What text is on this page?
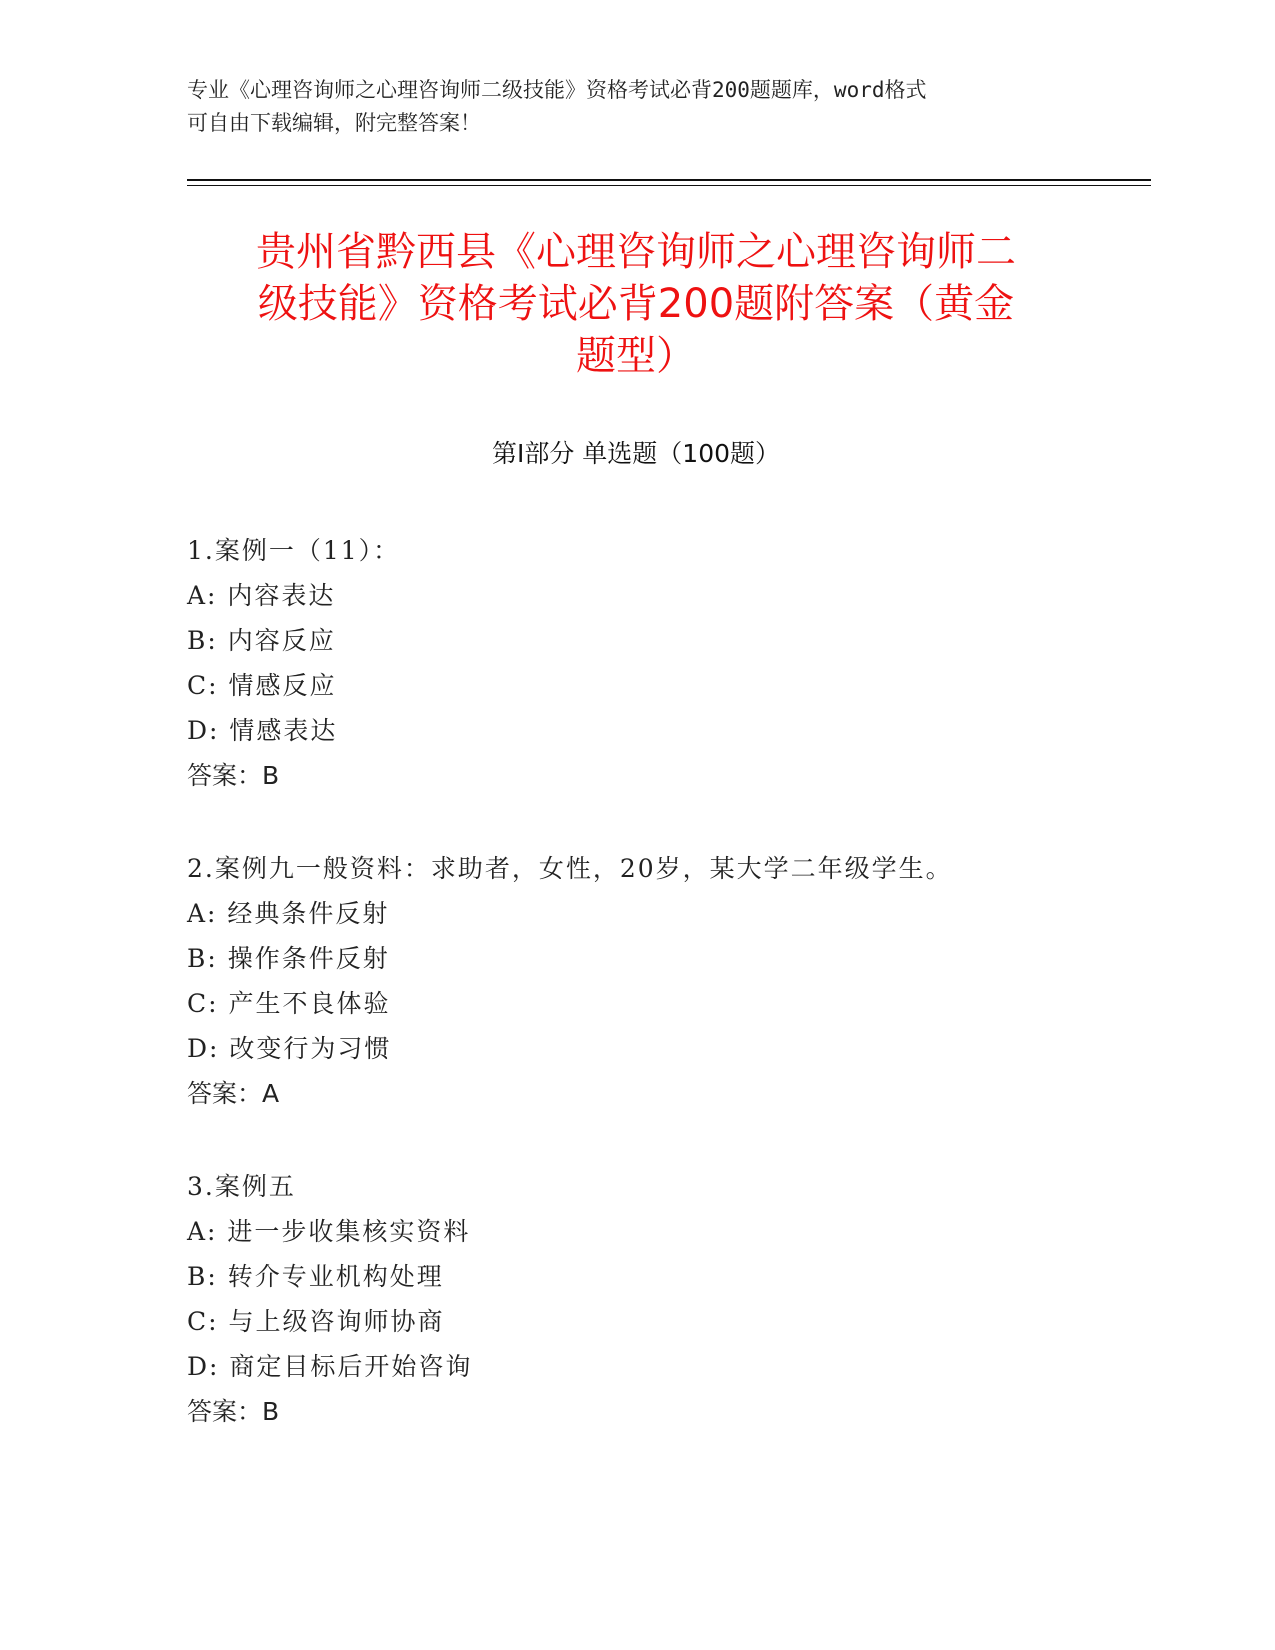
专业《心理咨询师之心理咨询师二级技能》资格考试必背200题题库，word格式
可自由下载编辑，附完整答案！
贵州省黔西县《心理咨询师之心理咨询师二
级技能》资格考试必背200题附答案（黄金
题型）
第I部分 单选题（100题）
1.案例一（11）：
A: 内容表达
B: 内容反应
C: 情感反应
D: 情感表达
答案：B
2.案例九一般资料：求助者，女性，20岁，某大学二年级学生。
A: 经典条件反射
B: 操作条件反射
C: 产生不良体验
D: 改变行为习惯
答案：A
3.案例五
A: 进一步收集核实资料
B: 转介专业机构处理
C: 与上级咨询师协商
D: 商定目标后开始咨询
答案：B
